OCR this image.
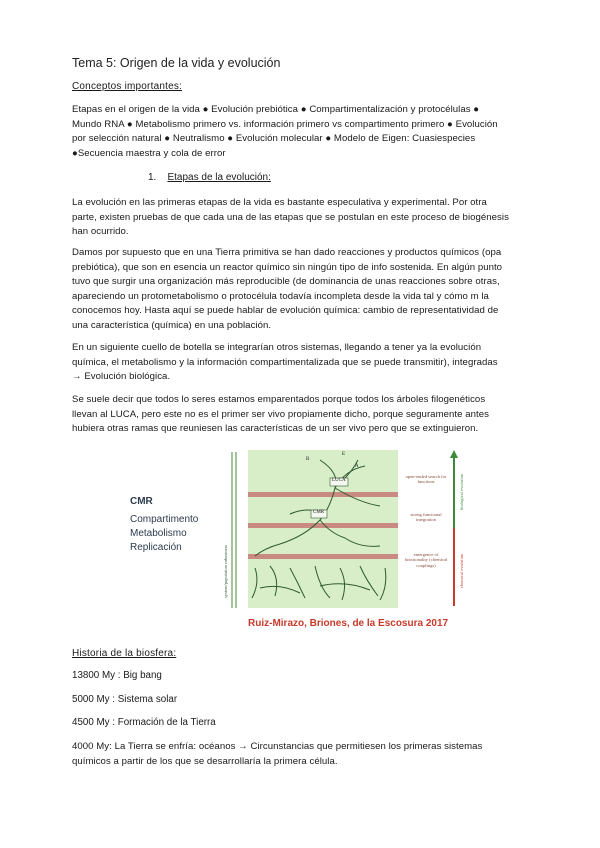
Tema 5: Origen de la vida y evolución
Conceptos importantes:

Etapas en el origen de la vida ● Evolución prebiótica ● Compartimentalización y protocélulas ●

Mundo RNA ● Metabolismo primero vs. información primero vs compartimento primero ● Evolución

por selección natural ● Neutralismo ● Evolución molecular ● Modelo de Eigen: Cuasiespecies

●Secuencia maestra y cola de error

1. Etapas de la evolución:

La evolución en las primeras etapas de la vida es bastante especulativa y experimental. Por otra

parte, existen pruebas de que cada una de las etapas que se postulan en este proceso de biogénesis

han ocurrido.

Damos por supuesto que en una Tierra primitiva se han dado reacciones y productos químicos (opa

prebiótica), que son en esencia un reactor químico sin ningún tipo de info sostenida. En algún punto

tuvo que surgir una organización más reproducible (de dominancia de unas reacciones sobre otras,

apareciendo un protometabolismo o protocélula todavía incompleta desde la vida tal y cómo m la

conocemos hoy. Hasta aquí se puede hablar de evolución química: cambio de representatividad de

una característica (química) en una población.

En un siguiente cuello de botella se integrarían otros sistemas, llegando a tener ya la evolución

química, el metabolismo y la información compartimentalizada que se puede transmitir), integradas

→ Evolución biológica.

Se suele decir que todos lo seres estamos emparentados porque todos los árboles filogenéticos

llevan al LUCA, pero este no es el primer ser vivo propiamente dicho, porque seguramente antes

hubiera otras ramas que reuniesen las características de un ser vivo pero que se extinguieron.

CMR
Compartimento
Metabolismo
Replicación
LUCA
CMR
B
E
A
open-ended search for functions
strong functional integration
emergence of functionality (chemical couplings)
system/population robustness
biological evolution
chemical evolution
Ruiz-Mirazo, Briones, de la Escosura 2017
Historia de la biosfera:
13800 My : Big bang
5000 My : Sistema solar
4500 My : Formación de la Tierra

4000 My: La Tierra se enfría: océanos → Circunstancias que permitiesen los primeras sistemas

químicos a partir de los que se desarrollaría la primera célula.
